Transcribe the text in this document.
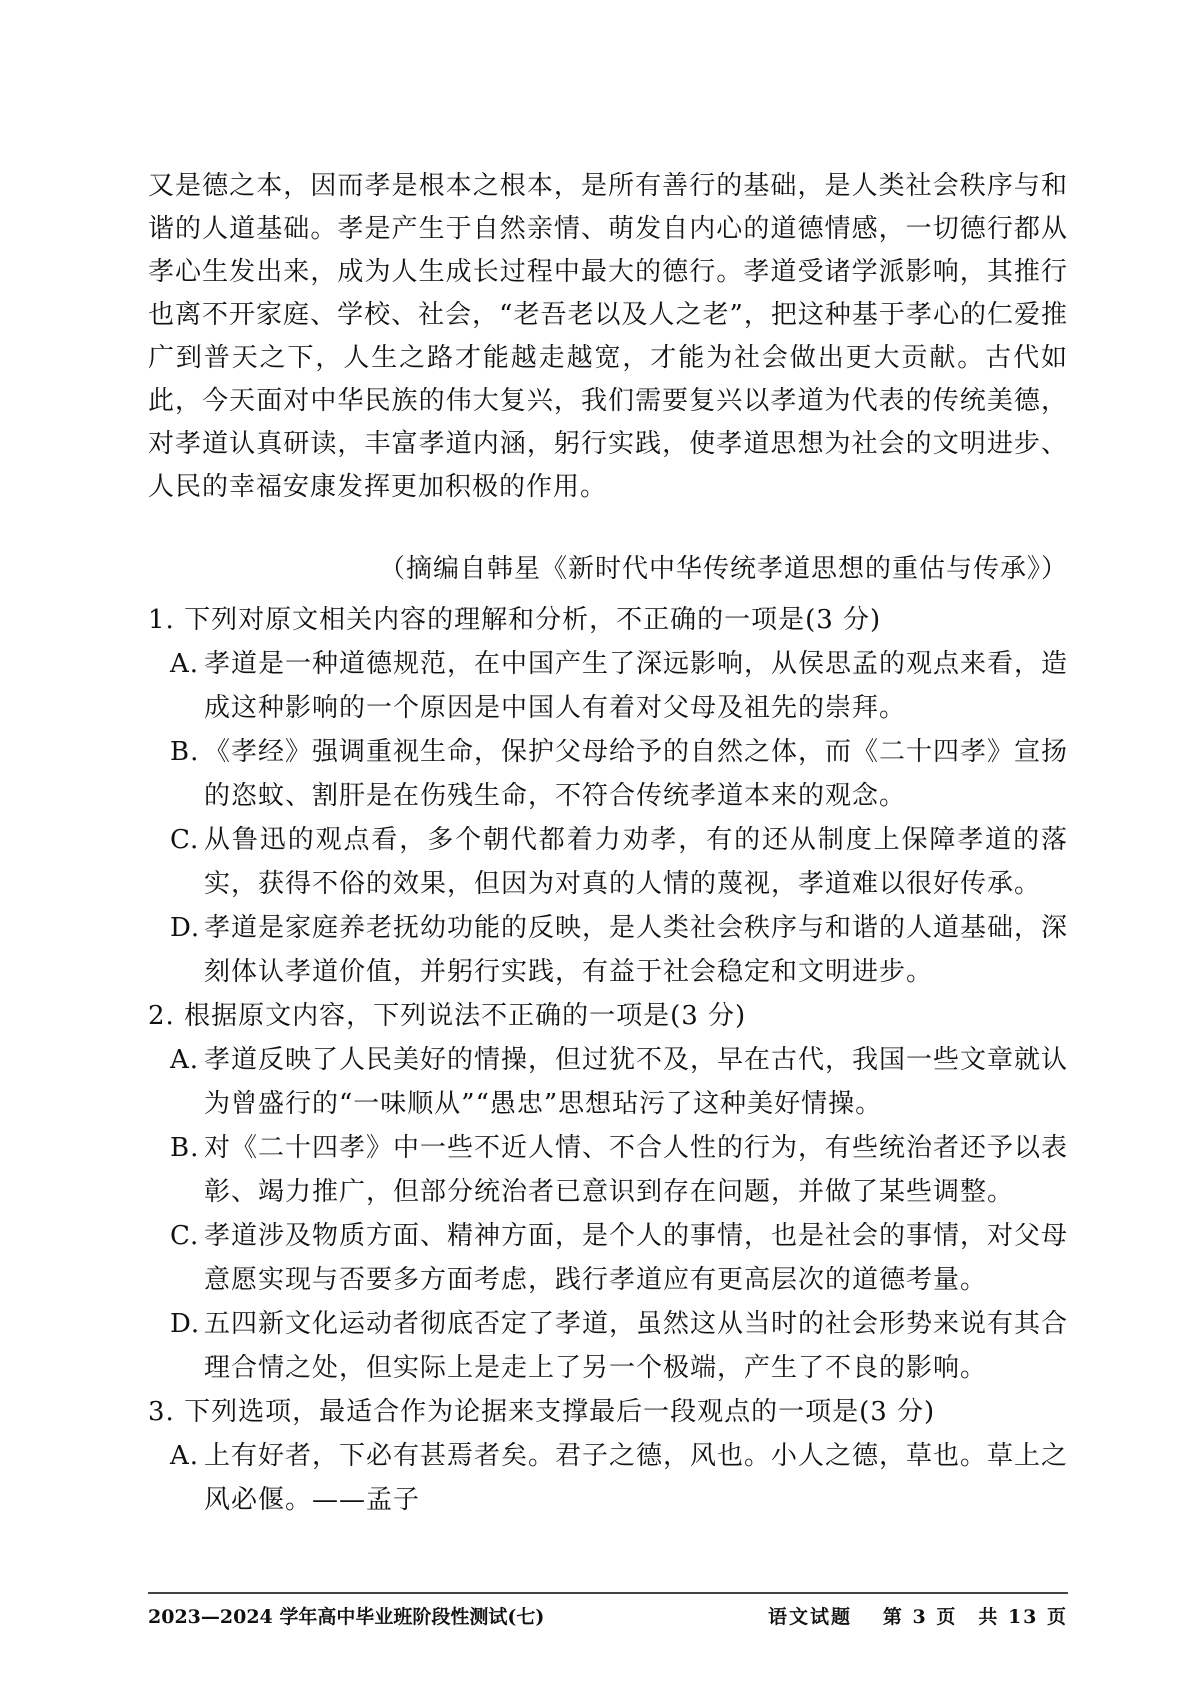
又是德之本，因而孝是根本之根本，是所有善行的基础，是人类社会秩序与和谐的人道基础。孝是产生于自然亲情、萌发自内心的道德情感，一切德行都从孝心生发出来，成为人生成长过程中最大的德行。孝道受诸学派影响，其推行也离不开家庭、学校、社会，“老吾老以及人之老”，把这种基于孝心的仁爱推广到普天之下，人生之路才能越走越宽，才能为社会做出更大贡献。古代如此，今天面对中华民族的伟大复兴，我们需要复兴以孝道为代表的传统美德，对孝道认真研读，丰富孝道内涵，躬行实践，使孝道思想为社会的文明进步、人民的幸福安康发挥更加积极的作用。

（摘编自韩星《新时代中华传统孝道思想的重估与传承》）
1. 下列对原文相关内容的理解和分析，不正确的一项是(3 分)
A. 孝道是一种道德规范，在中国产生了深远影响，从侯思孟的观点来看，造成这种影响的一个原因是中国人有着对父母及祖先的崇拜。
B. 《孝经》强调重视生命，保护父母给予的自然之体，而《二十四孝》宣扬的恣蚊、割肝是在伤残生命，不符合传统孝道本来的观念。
C. 从鲁迅的观点看，多个朝代都着力劝孝，有的还从制度上保障孝道的落实，获得不俗的效果，但因为对真的人情的蔑视，孝道难以很好传承。
D. 孝道是家庭养老抚幼功能的反映，是人类社会秩序与和谐的人道基础，深刻体认孝道价值，并躬行实践，有益于社会稳定和文明进步。
2. 根据原文内容，下列说法不正确的一项是(3 分)
A. 孝道反映了人民美好的情操，但过犹不及，早在古代，我国一些文章就认为曾盛行的“一味顺从”“愚忠”思想玷污了这种美好情操。
B. 对《二十四孝》中一些不近人情、不合人性的行为，有些统治者还予以表彰、竭力推广，但部分统治者已意识到存在问题，并做了某些调整。
C. 孝道涉及物质方面、精神方面，是个人的事情，也是社会的事情，对父母意愿实现与否要多方面考虑，践行孝道应有更高层次的道德考量。
D. 五四新文化运动者彻底否定了孝道，虽然这从当时的社会形势来说有其合理合情之处，但实际上是走上了另一个极端，产生了不良的影响。
3. 下列选项，最适合作为论据来支撑最后一段观点的一项是(3 分)
A. 上有好者，下必有甚焉者矣。君子之德，风也。小人之德，草也。草上之风必偃。——孟子
2023—2024 学年高中毕业班阶段性测试(七)	语文试题 第 3 页　共 13 页
